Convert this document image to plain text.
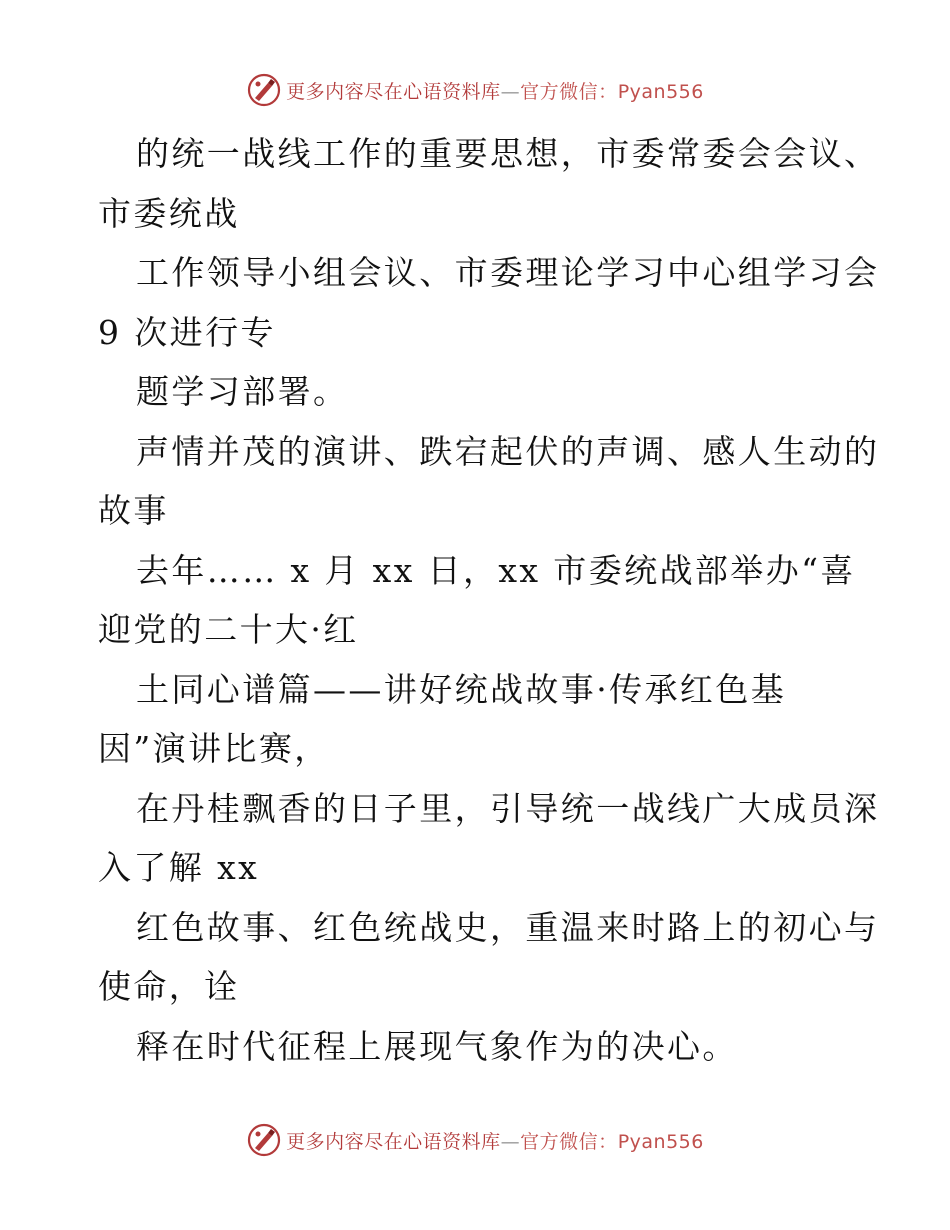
更多内容尽在心语资料库—官方微信：Pyan556
的统一战线工作的重要思想，市委常委会会议、
市委统战
工作领导小组会议、市委理论学习中心组学习会
9 次进行专
题学习部署。
声情并茂的演讲、跌宕起伏的声调、感人生动的
故事
去年…… x 月 xx 日，xx 市委统战部举办“喜
迎党的二十大·红
土同心谱篇——讲好统战故事·传承红色基
因”演讲比赛，
在丹桂飘香的日子里，引导统一战线广大成员深
入了解 xx
红色故事、红色统战史，重温来时路上的初心与
使命，诠
释在时代征程上展现气象作为的决心。
更多内容尽在心语资料库—官方微信：Pyan556
